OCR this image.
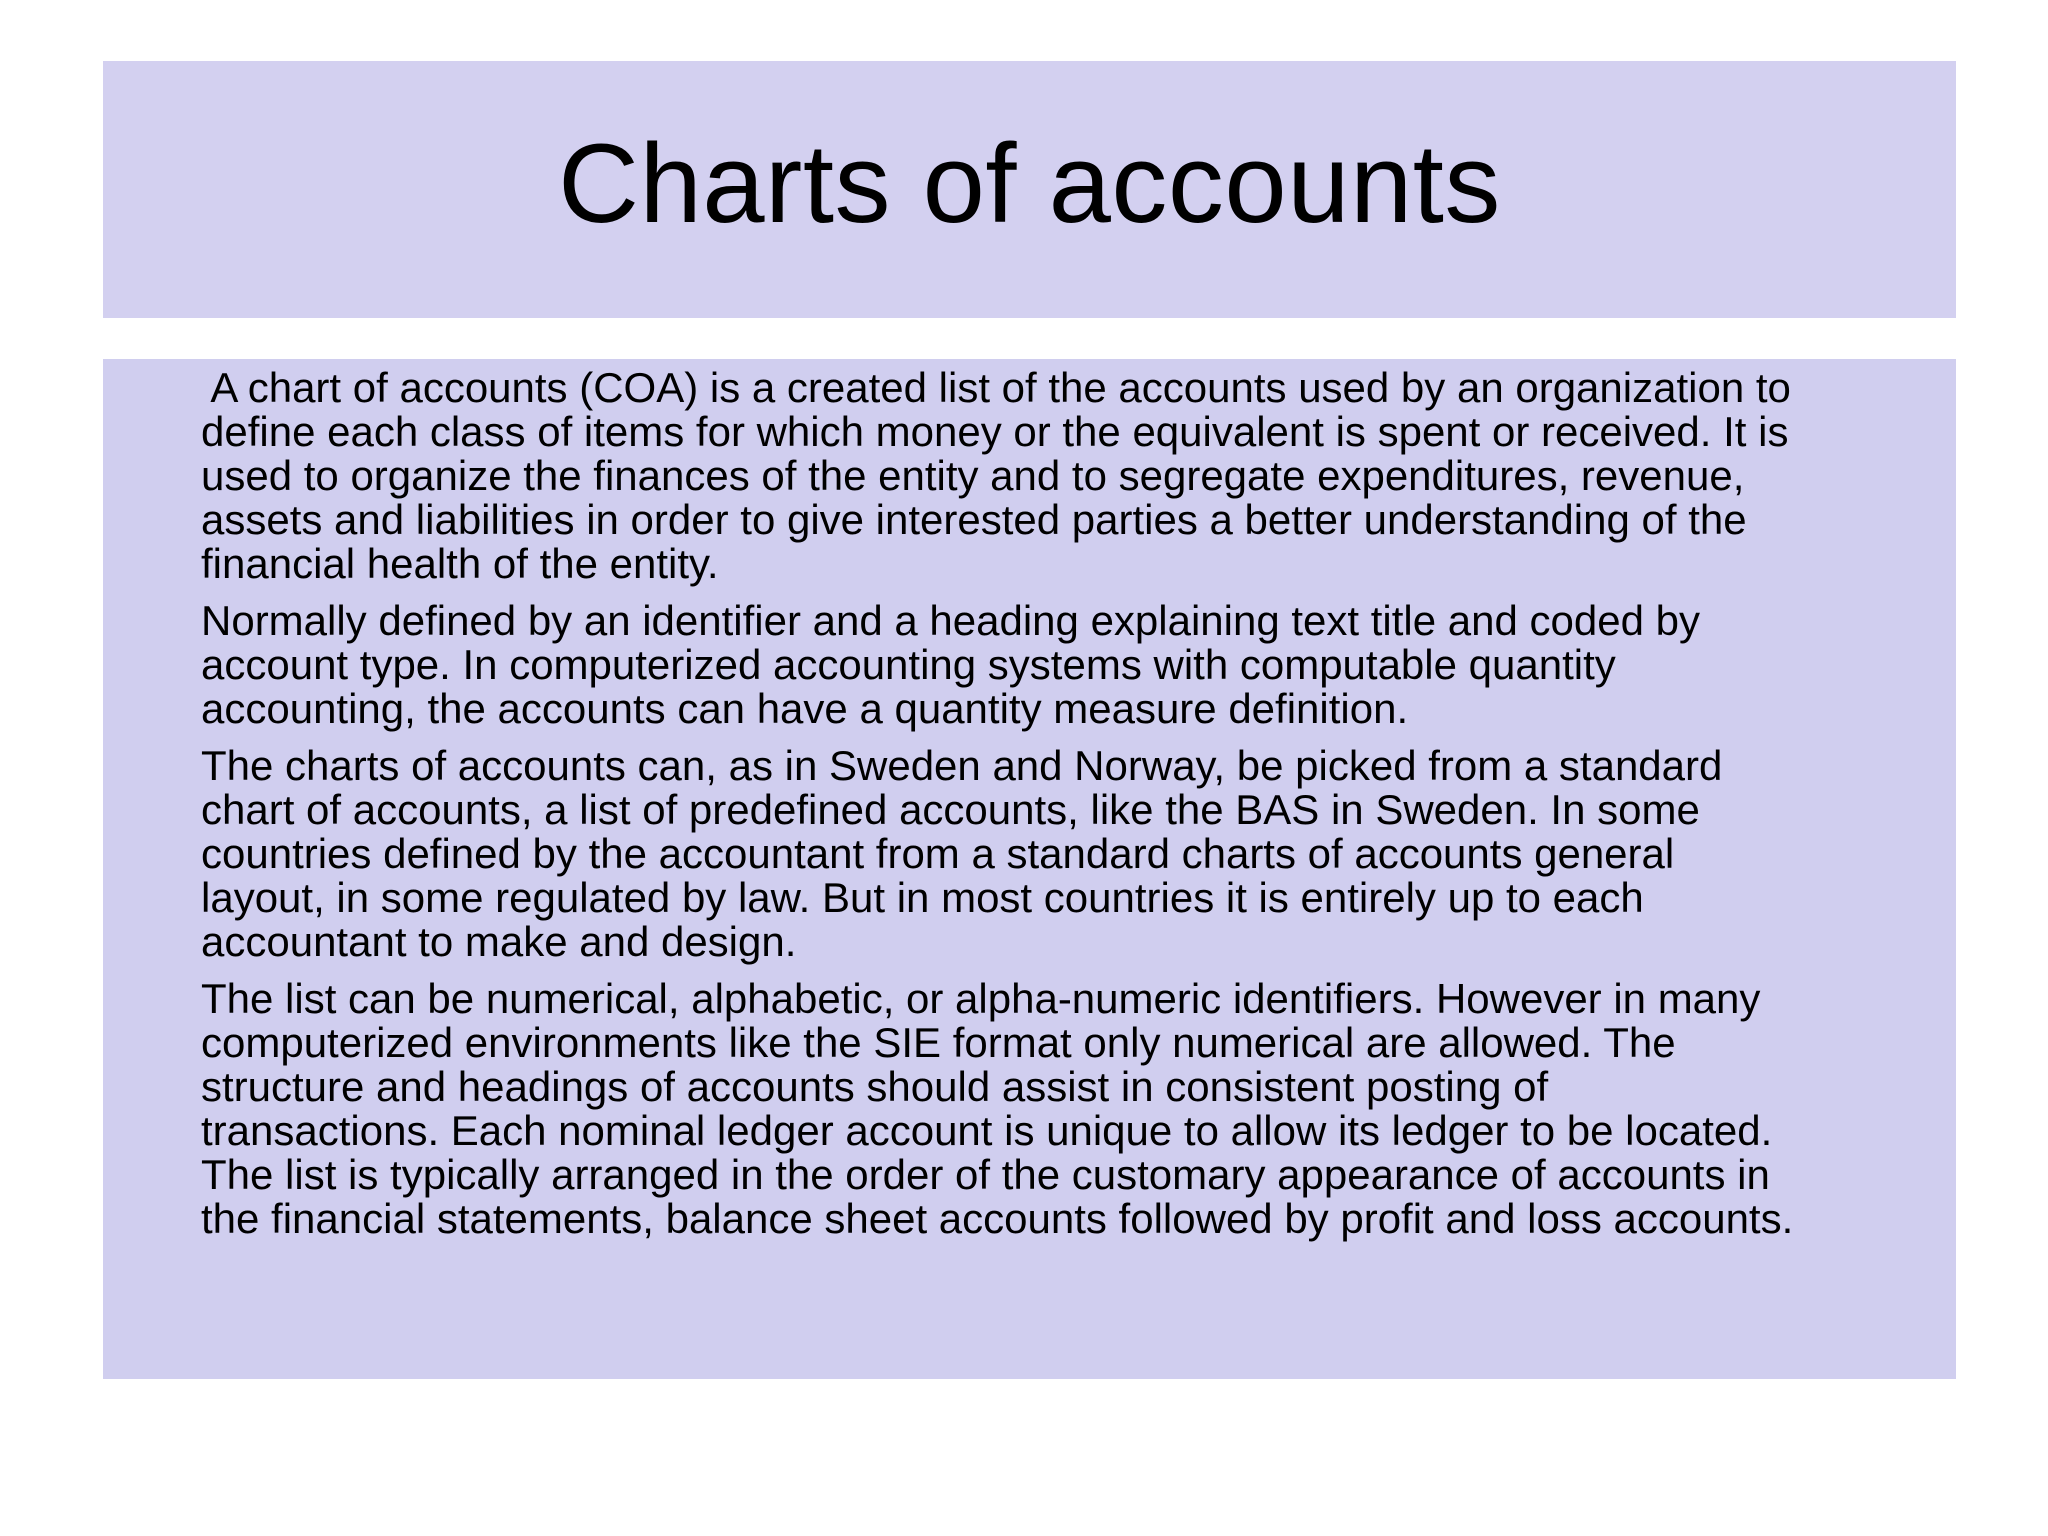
Charts of accounts

A chart of accounts (COA) is a created list of the accounts used by an organization to
define each class of items for which money or the equivalent is spent or received. It is
used to organize the finances of the entity and to segregate expenditures, revenue,
assets and liabilities in order to give interested parties a better understanding of the
financial health of the entity.

Normally defined by an identifier and a heading explaining text title and coded by
account type. In computerized accounting systems with computable quantity
accounting, the accounts can have a quantity measure definition.

The charts of accounts can, as in Sweden and Norway, be picked from a standard
chart of accounts, a list of predefined accounts, like the BAS in Sweden. In some
countries defined by the accountant from a standard charts of accounts general
layout, in some regulated by law. But in most countries it is entirely up to each
accountant to make and design.

The list can be numerical, alphabetic, or alpha-numeric identifiers. However in many
computerized environments like the SIE format only numerical are allowed. The
structure and headings of accounts should assist in consistent posting of
transactions. Each nominal ledger account is unique to allow its ledger to be located.
The list is typically arranged in the order of the customary appearance of accounts in
the financial statements, balance sheet accounts followed by profit and loss accounts.
